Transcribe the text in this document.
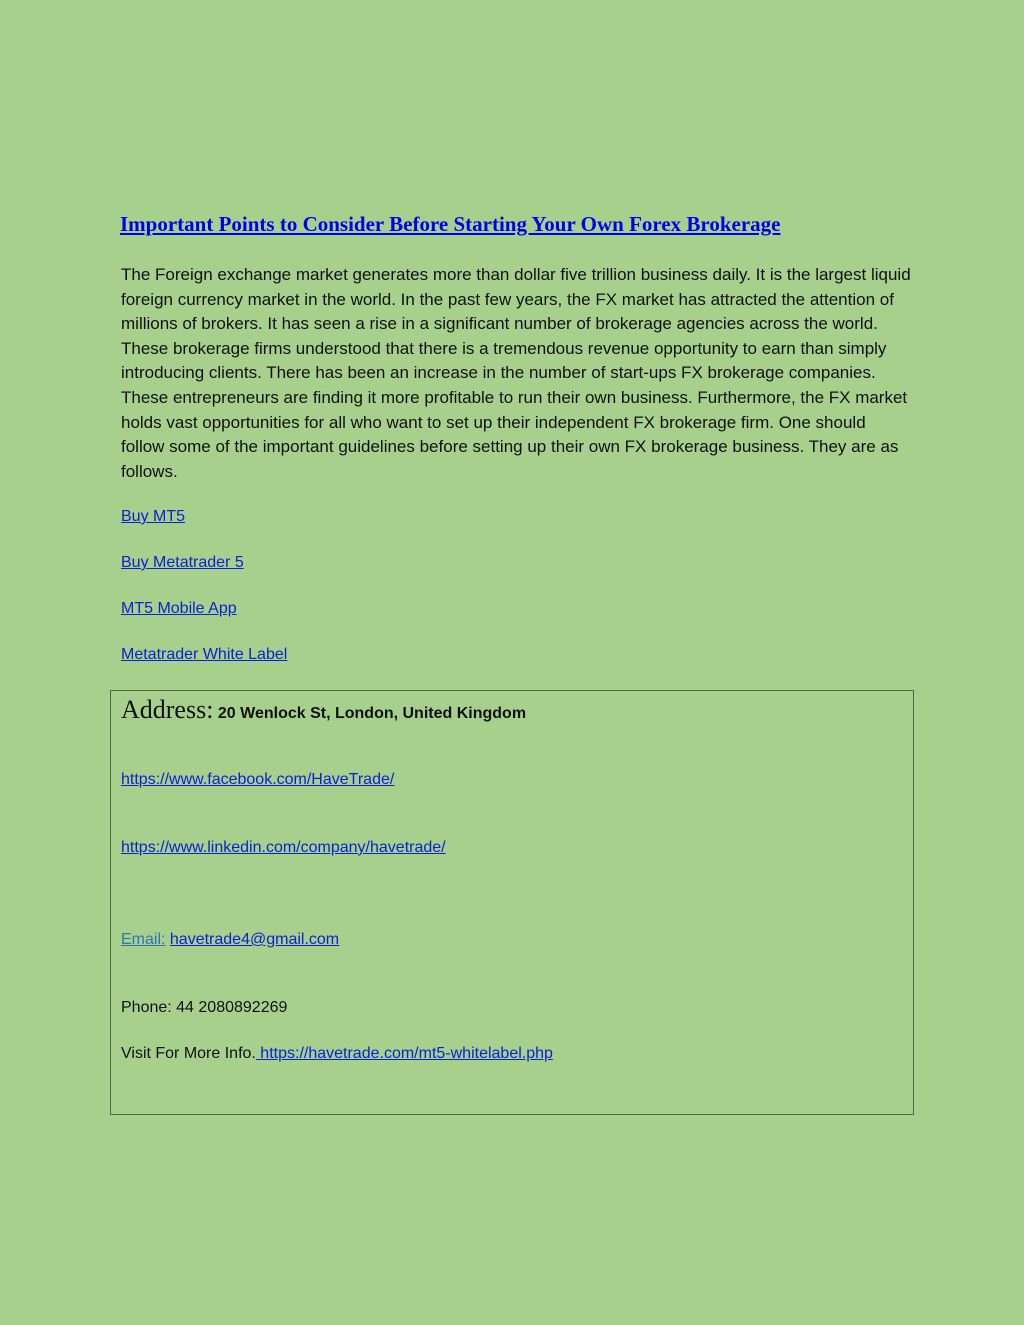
Important Points to Consider Before Starting Your Own Forex Brokerage

The Foreign exchange market generates more than dollar five trillion business daily. It is the largest liquid foreign currency market in the world. In the past few years, the FX market has attracted the attention of millions of brokers. It has seen a rise in a significant number of brokerage agencies across the world. These brokerage firms understood that there is a tremendous revenue opportunity to earn than simply introducing clients. There has been an increase in the number of start-ups FX brokerage companies. These entrepreneurs are finding it more profitable to run their own business. Furthermore, the FX market holds vast opportunities for all who want to set up their independent FX brokerage firm. One should follow some of the important guidelines before setting up their own FX brokerage business. They are as follows.

Buy MT5
Buy Metatrader 5
MT5 Mobile App
Metatrader White Label
Address: 20 Wenlock St, London, United Kingdom
https://www.facebook.com/HaveTrade/
https://www.linkedin.com/company/havetrade/
Email: havetrade4@gmail.com
Phone: 44 2080892269
Visit For More Info. https://havetrade.com/mt5-whitelabel.php
